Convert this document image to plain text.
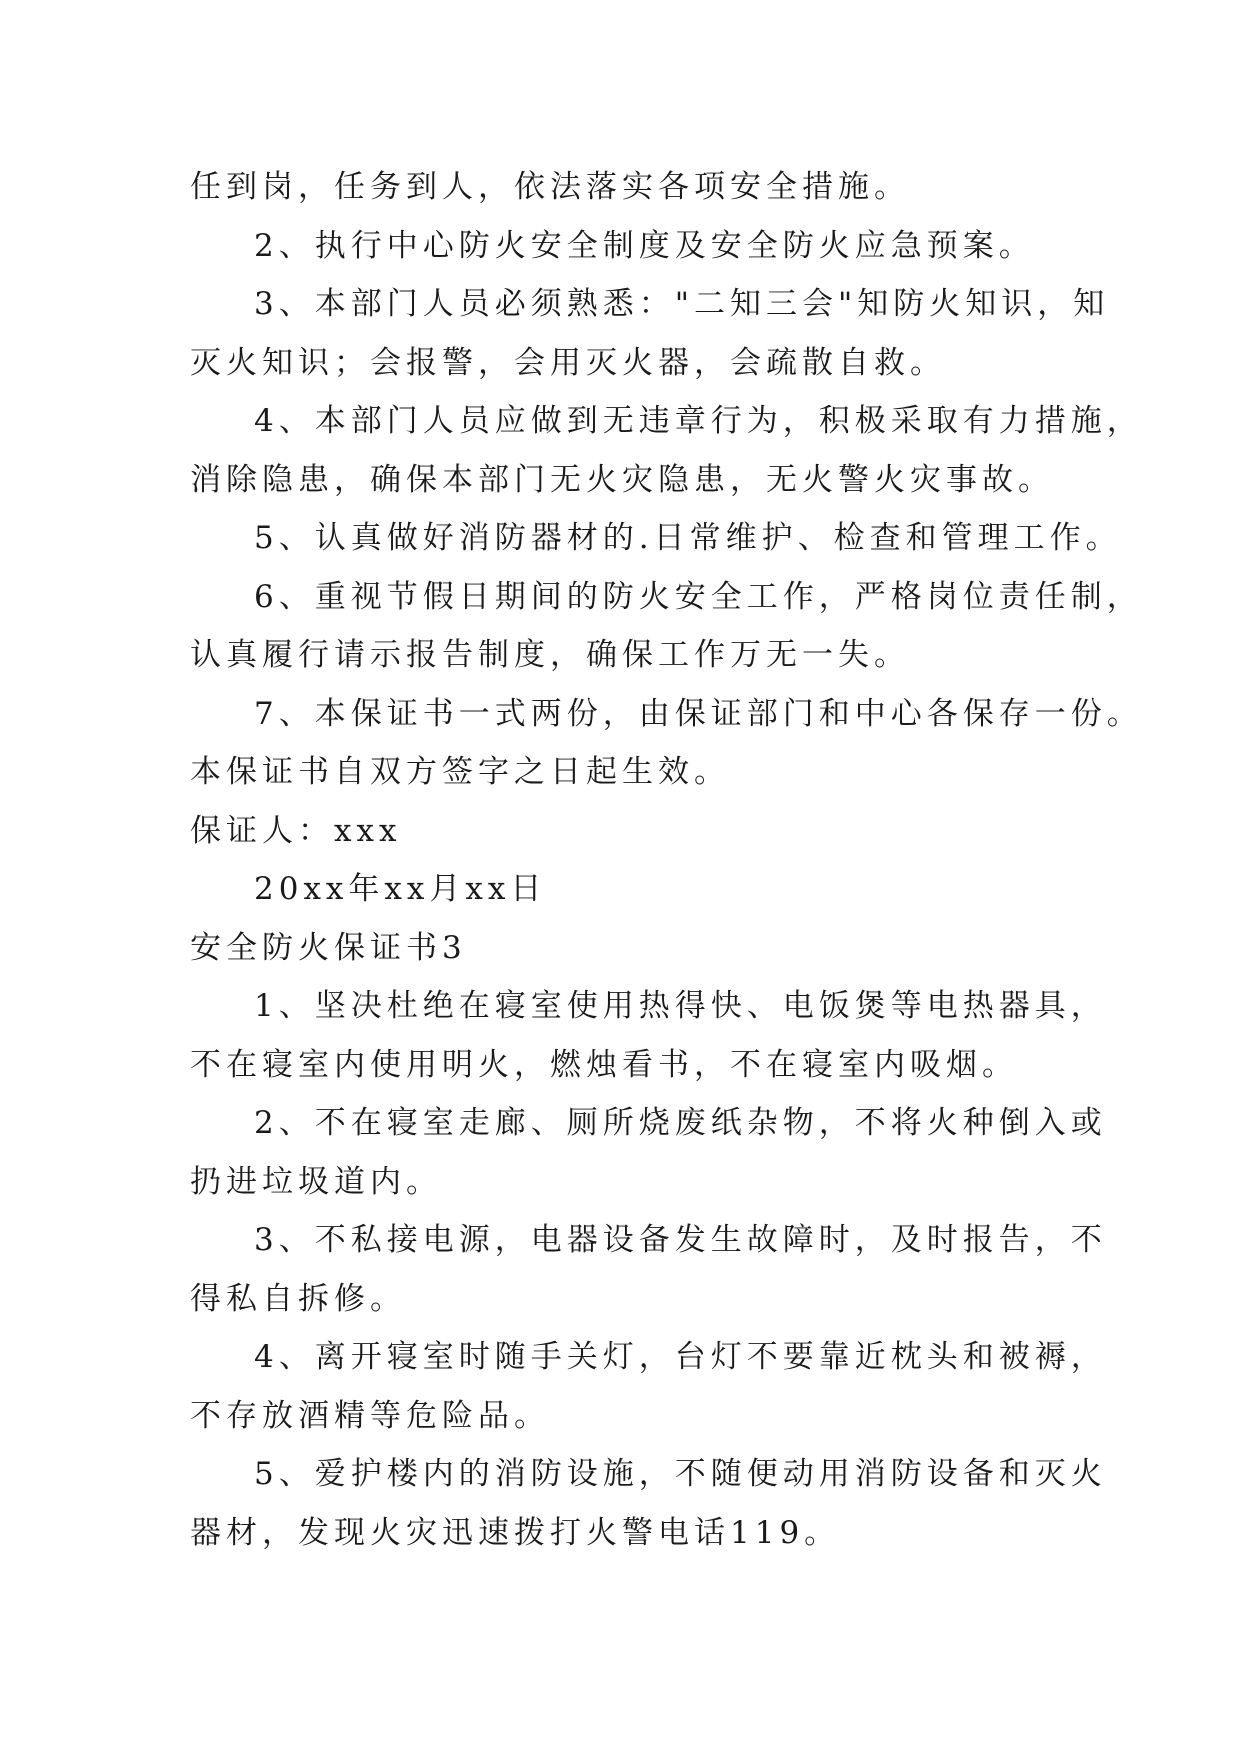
任到岗，任务到人，依法落实各项安全措施。
2、执行中心防火安全制度及安全防火应急预案。
3、本部门人员必须熟悉："二知三会"知防火知识，知
灭火知识；会报警，会用灭火器，会疏散自救。
4、本部门人员应做到无违章行为，积极采取有力措施，
消除隐患，确保本部门无火灾隐患，无火警火灾事故。
5、认真做好消防器材的.日常维护、检查和管理工作。
6、重视节假日期间的防火安全工作，严格岗位责任制，
认真履行请示报告制度，确保工作万无一失。
7、本保证书一式两份，由保证部门和中心各保存一份。
本保证书自双方签字之日起生效。
保证人：xxx
20xx年xx月xx日
安全防火保证书3
1、坚决杜绝在寝室使用热得快、电饭煲等电热器具，
不在寝室内使用明火，燃烛看书，不在寝室内吸烟。
2、不在寝室走廊、厕所烧废纸杂物，不将火种倒入或
扔进垃圾道内。
3、不私接电源，电器设备发生故障时，及时报告，不
得私自拆修。
4、离开寝室时随手关灯，台灯不要靠近枕头和被褥，
不存放酒精等危险品。
5、爱护楼内的消防设施，不随便动用消防设备和灭火
器材，发现火灾迅速拨打火警电话119。
